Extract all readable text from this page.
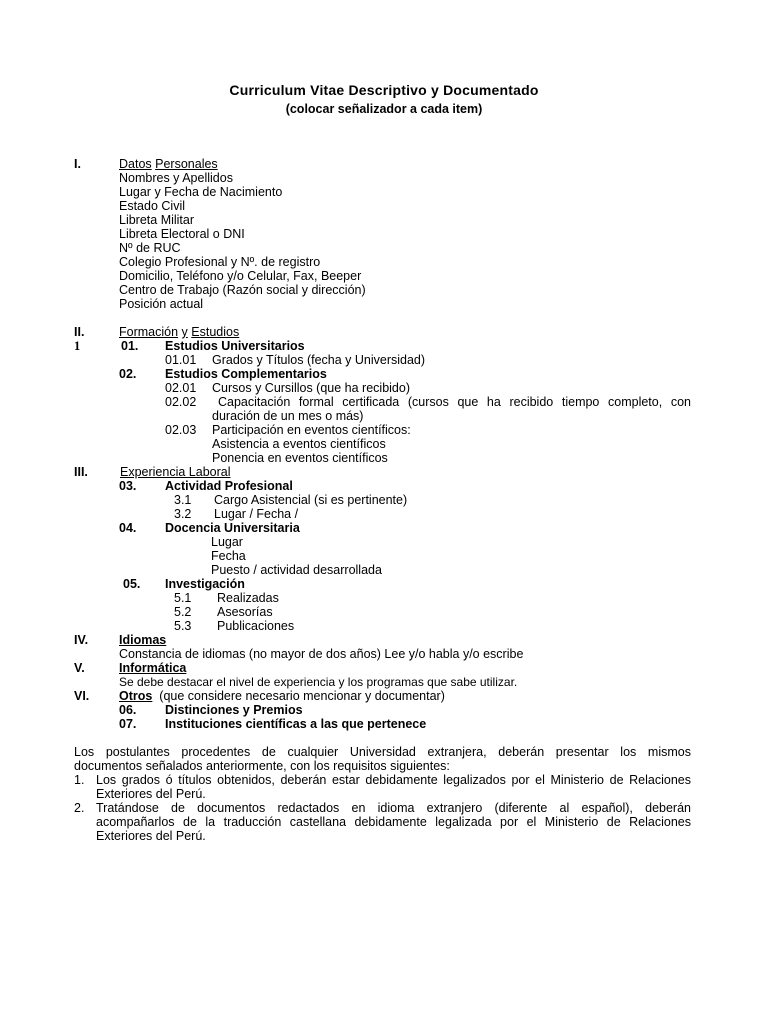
Curriculum Vitae Descriptivo y Documentado
(colocar señalizador a cada item)
I.	Datos Personales
Nombres y Apellidos
Lugar y Fecha de Nacimiento
Estado Civil
Libreta Militar
Libreta Electoral o DNI
Nº de RUC
Colegio Profesional y Nº. de registro
Domicilio, Teléfono y/o Celular, Fax, Beeper
Centro de Trabajo (Razón social y dirección)
Posición actual
II.	Formación y Estudios
1	01. Estudios Universitarios
01.01 Grados y Títulos (fecha y Universidad)
02. Estudios Complementarios
02.01 Cursos y Cursillos (que ha recibido)
02.02 Capacitación formal certificada (cursos que ha recibido tiempo completo, con
duración de un mes o más)
02.03 Participación en eventos científicos:
Asistencia a eventos científicos
Ponencia en eventos científicos
III.	Experiencia Laboral
03. Actividad Profesional
3.1 Cargo Asistencial (si es pertinente)
3.2 Lugar / Fecha /
04. Docencia Universitaria
Lugar
Fecha
Puesto / actividad desarrollada
05. Investigación
5.1 Realizadas
5.2 Asesorías
5.3 Publicaciones
IV. Idiomas
Constancia de idiomas (no mayor de dos años) Lee y/o habla y/o escribe
V.	Informática
Se debe destacar el nivel de experiencia y los programas que sabe utilizar.
VI. Otros (que considere necesario mencionar y documentar)
06. Distinciones y Premios
07. Instituciones científicas a las que pertenece
Los postulantes procedentes de cualquier Universidad extranjera, deberán presentar los mismos
documentos señalados anteriormente, con los requisitos siguientes:
1. Los grados ó títulos obtenidos, deberán estar debidamente legalizados por el Ministerio de Relaciones
Exteriores del Perú.
2. Tratándose de documentos redactados en idioma extranjero (diferente al español), deberán
acompañarlos de la traducción castellana debidamente legalizada por el Ministerio de Relaciones
Exteriores del Perú.
